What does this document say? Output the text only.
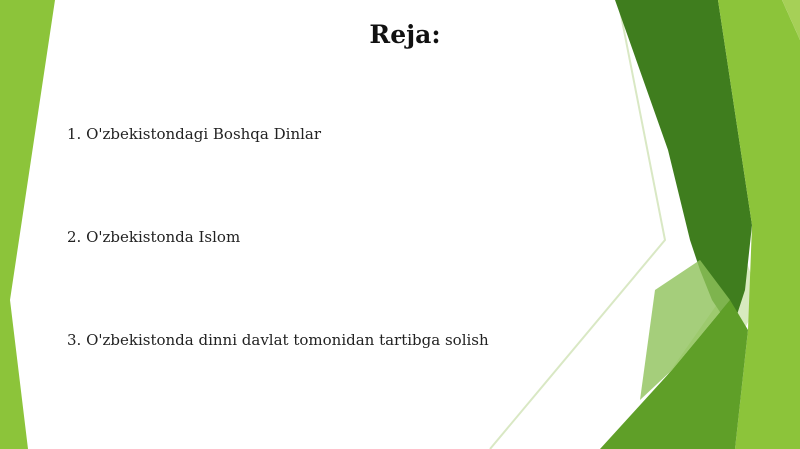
Reja:
1. O'zbekistondagi Boshqa Dinlar
2. O'zbekistonda Islom
3. O'zbekistonda dinni davlat tomonidan tartibga solish
